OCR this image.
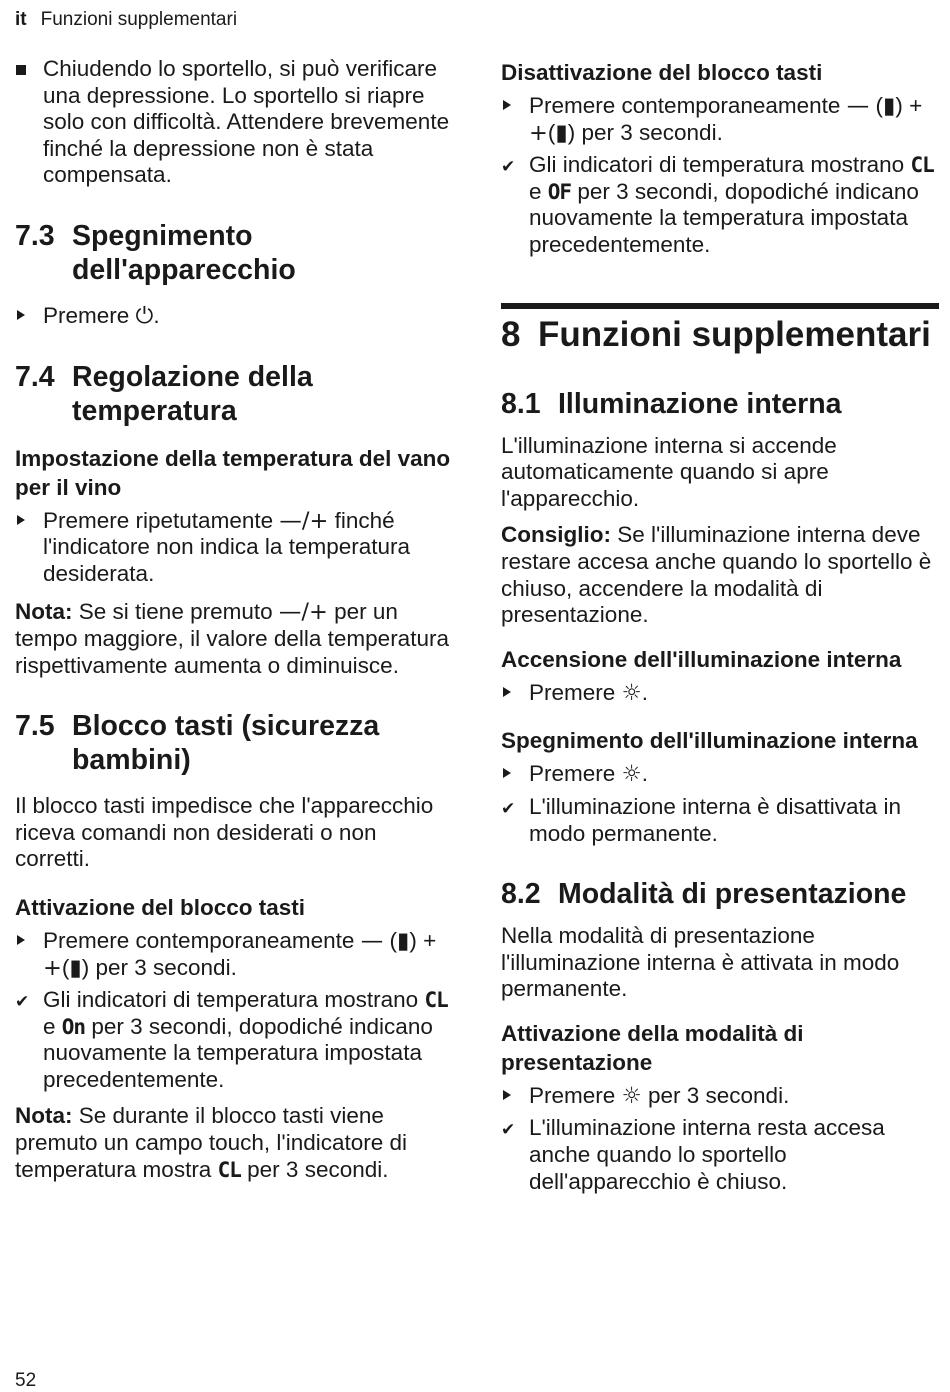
it Funzioni supplementari
Chiudendo lo sportello, si può verificare una depressione. Lo sportello si riapre solo con difficoltà. Attendere brevemente finché la depressione non è stata compensata.
7.3 Spegnimento dell'apparecchio
Premere ⏻.
7.4 Regolazione della temperatura
Impostazione della temperatura del vano per il vino
Premere ripetutamente —/+ finché l'indicatore non indica la temperatura desiderata.

Nota: Se si tiene premuto —/+ per un tempo maggiore, il valore della temperatura rispettivamente aumenta o diminuisce.

7.5 Blocco tasti (sicurezza bambini)

Il blocco tasti impedisce che l'apparecchio riceva comandi non desiderati o non corretti.

Attivazione del blocco tasti
Premere contemporaneamente — (▮) + +(▮) per 3 secondi.
✔ Gli indicatori di temperatura mostrano CL e On per 3 secondi, dopodiché indicano nuovamente la temperatura impostata precedentemente.

Nota: Se durante il blocco tasti viene premuto un campo touch, l'indicatore di temperatura mostra CL per 3 secondi.

Disattivazione del blocco tasti
Premere contemporaneamente — (▮) + +(▮) per 3 secondi.
✔ Gli indicatori di temperatura mostrano CL e OF per 3 secondi, dopodiché indicano nuovamente la temperatura impostata precedentemente.
8 Funzioni supplementari
8.1 Illuminazione interna

L'illuminazione interna si accende automaticamente quando si apre l'apparecchio.

Consiglio: Se l'illuminazione interna deve restare accesa anche quando lo sportello è chiuso, accendere la modalità di presentazione.

Accensione dell'illuminazione interna
Premere ☼.
Spegnimento dell'illuminazione interna
Premere ☼.
✔ L'illuminazione interna è disattivata in modo permanente.
8.2 Modalità di presentazione

Nella modalità di presentazione l'illuminazione interna è attivata in modo permanente.

Attivazione della modalità di presentazione
Premere ☼ per 3 secondi.
✔ L'illuminazione interna resta accesa anche quando lo sportello dell'apparecchio è chiuso.
52
